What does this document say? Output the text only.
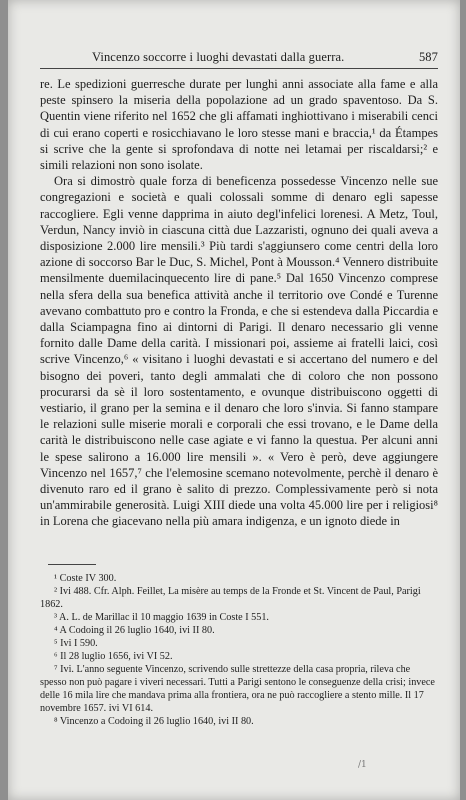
Vincenzo soccorre i luoghi devastati dalla guerra.	587

re. Le spedizioni guerresche durate per lunghi anni associate alla fame e alla peste spinsero la miseria della popolazione ad un grado spaventoso. Da S. Quentin viene riferito nel 1652 che gli affamati inghiottivano i miserabili cenci di cui erano coperti e rosicchiavano le loro stesse mani e braccia,¹ da Étampes si scrive che la gente si sprofondava di notte nei letamai per riscaldarsi;² e simili relazioni non sono isolate.

Ora si dimostrò quale forza di beneficenza possedesse Vincenzo nelle sue congregazioni e società e quali colossali somme di denaro egli sapesse raccogliere. Egli venne dapprima in aiuto degl'infelici lorenesi. A Metz, Toul, Verdun, Nancy inviò in ciascuna città due Lazzaristi, ognuno dei quali aveva a disposizione 2.000 lire mensili.³ Più tardi s'aggiunsero come centri della loro azione di soccorso Bar le Duc, S. Michel, Pont à Mousson.⁴ Vennero distribuite mensilmente duemilacinquecento lire di pane.⁵ Dal 1650 Vincenzo comprese nella sfera della sua benefica attività anche il territorio ove Condé e Turenne avevano combattuto pro e contro la Fronda, e che si estendeva dalla Piccardia e dalla Sciampagna fino ai dintorni di Parigi. Il denaro necessario gli venne fornito dalle Dame della carità. I missionari poi, assieme ai fratelli laici, così scrive Vincenzo,⁶ « visitano i luoghi devastati e si accertano del numero e del bisogno dei poveri, tanto degli ammalati che di coloro che non possono procurarsi da sè il loro sostentamento, e ovunque distribuiscono oggetti di vestiario, il grano per la semina e il denaro che loro s'invia. Si fanno stampare le relazioni sulle miserie morali e corporali che essi trovano, e le Dame della carità le distribuiscono nelle case agiate e vi fanno la questua. Per alcuni anni le spese salirono a 16.000 lire mensili ». « Vero è però, deve aggiungere Vincenzo nel 1657,⁷ che l'elemosine scemano notevolmente, perchè il denaro è divenuto raro ed il grano è salito di prezzo. Complessivamente però si nota un'ammirabile generosità. Luigi XIII diede una volta 45.000 lire per i religiosi⁸ in Lorena che giacevano nella più amara indigenza, e un ignoto diede in

¹ Coste IV 300.
² Ivi 488. Cfr. Alph. Feillet, La misère au temps de la Fronde et St. Vincent de Paul, Parigi 1862.
³ A. L. de Marillac il 10 maggio 1639 in Coste I 551.
⁴ A Codoing il 26 luglio 1640, ivi II 80.
⁵ Ivi I 590.
⁶ Il 28 luglio 1656, ivi VI 52.
⁷ Ivi. L'anno seguente Vincenzo, scrivendo sulle strettezze della casa propria, rileva che spesso non può pagare i viveri necessari. Tutti a Parigi sentono le conseguenze della crisi; invece delle 16 mila lire che mandava prima alla frontiera, ora ne può raccogliere a stento mille. Il 17 novembre 1657. ivi VI 614.
⁸ Vincenzo a Codoing il 26 luglio 1640, ivi II 80.
/1
